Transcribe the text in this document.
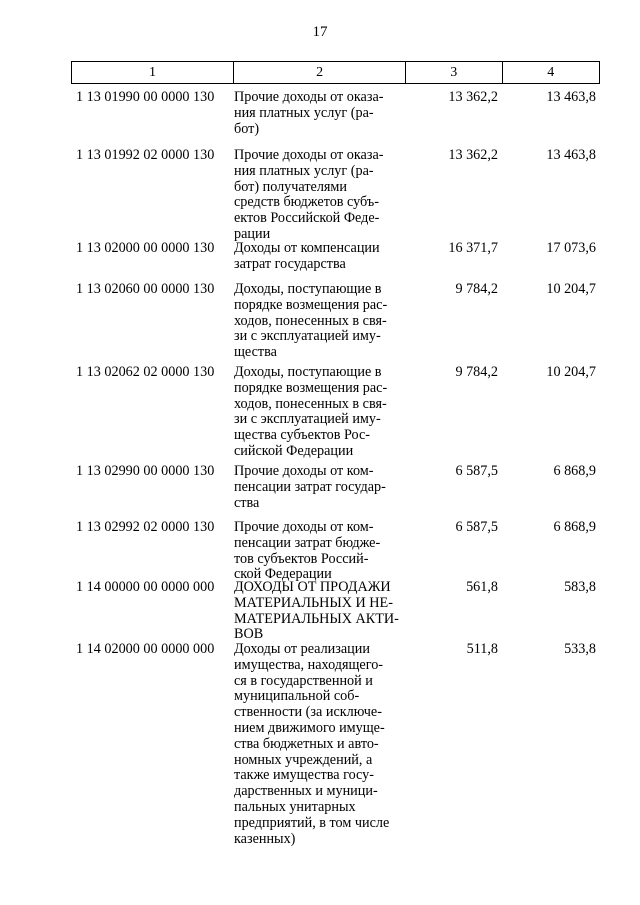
17
1	2	3	4
1 13 01990 00 0000 130 Прочие доходы от оказа-
ния платных услуг (ра-
бот)
13 362,2	13 463,8
1 13 01992 02 0000 130 Прочие доходы от оказа-
ния платных услуг (ра-
бот) получателями
средств бюджетов субъ-
ектов Российской Феде-
рации
13 362,2	13 463,8
1 13 02000 00 0000 130 Доходы от компенсации
затрат государства
16 371,7	17 073,6
1 13 02060 00 0000 130 Доходы, поступающие в
порядке возмещения рас-
ходов, понесенных в свя-
зи с эксплуатацией иму-
щества
9 784,2	10 204,7
1 13 02062 02 0000 130 Доходы, поступающие в
порядке возмещения рас-
ходов, понесенных в свя-
зи с эксплуатацией иму-
щества субъектов Рос-
сийской Федерации
9 784,2	10 204,7
1 13 02990 00 0000 130 Прочие доходы от ком-
пенсации затрат государ-
ства
6 587,5	6 868,9
1 13 02992 02 0000 130 Прочие доходы от ком-
пенсации затрат бюдже-
тов субъектов Россий-
ской Федерации
6 587,5	6 868,9
1 14 00000 00 0000 000 ДОХОДЫ ОТ ПРОДАЖИ
МАТЕРИАЛЬНЫХ И НЕ-
МАТЕРИАЛЬНЫХ АКТИ-
ВОВ
561,8	583,8
1 14 02000 00 0000 000 Доходы от реализации
имущества, находящего-
ся в государственной и
муниципальной соб-
ственности (за исключе-
нием движимого имуще-
ства бюджетных и авто-
номных учреждений, а
также имущества госу-
дарственных и муници-
пальных унитарных
предприятий, в том числе
казенных)
511,8	533,8
